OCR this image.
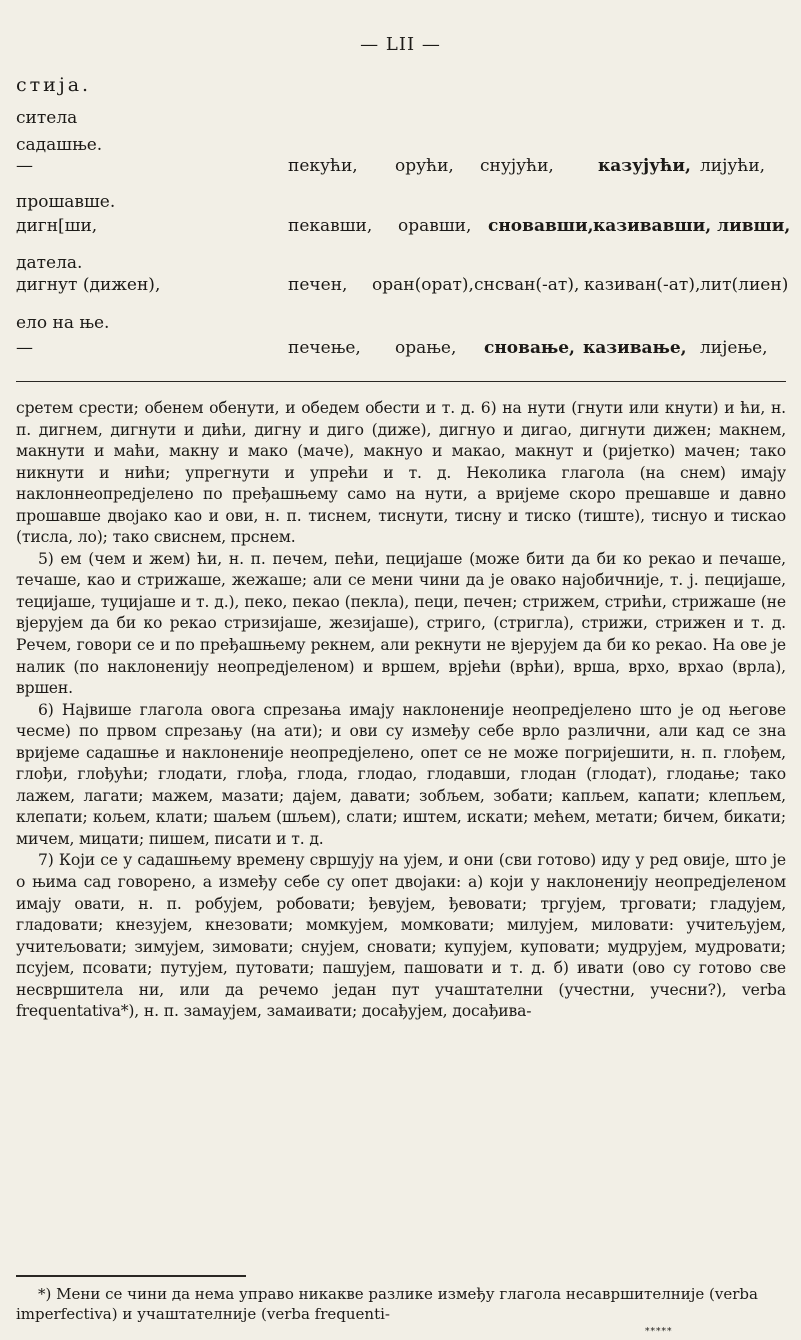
— LII —
стија.
ситела
садашње.
—	пекући, орући, снујући,	казујући, лијући,
прошавше.
дигн[ши,	пекавши, оравши, сновавши, казивавши, ливши,
датела.
дигнут (дижен),	печен, оран(орат), снсван(-ат), казиван(-ат), лит(лиен)
ело на ње.
—	печење, орање, сновање, казивање, лијење,

сретем срести; обенем обенути, и обедем обести и т. д. 6) на нути (гнути или кнути) и ћи, н. п. дигнем, дигнути и дићи, дигну и диго (диже), дигнуо и дигао, дигнути дижен; макнем, макнути и маћи, макну и мако (маче), макнуо и макао, макнут и (ријетко) мачен; тако никнути и нићи; упрегнути и упрећи и т. д. Неколика глагола (на снем) имају наклоннеопредјелено по пређашњему само на нути, а вријеме скоро прешавше и давно прошавше двојако као и ови, н. п. тиснем, тиснути, тисну и тиско (тиште), тиснуо и тискао (тисла, ло); тако свиснем, прснем.

5) ем (чем и жем) ћи, н. п. печем, пећи, пецијаше (може бити да би ко рекао и печаше, течаше, као и стрижаше, жежаше; али се мени чини да је овако најобичније, т. ј. пецијаше, тецијаше, туцијаше и т. д.), пеко, пекао (пекла), пеци, печен; стрижем, стрићи, стрижаше (не вјерујем да би ко рекао стризијаше, жезијаше), стриго, (стригла), стрижи, стрижен и т. д. Речем, говори се и по пређашњему рекнем, али рекнути не вјерујем да би ко рекао. На ове је налик (по наклоненију неопредјеленом) и вршем, врјећи (врћи), врша, врхо, врхао (врла), вршен.

6) Највише глагола овога спрезања имају наклоненије неопредјелено што је од његове чесме) по првом спрезању (на ати); и ови су између себе врло различни, али кад се зна вријеме садашње и наклоненије неопредјелено, опет се не може погријешити, н. п. глођем, глођи, глођући; глодати, глођа, глода, глодао, глодавши, глодан (глодат), глодање; тако лажем, лагати; мажем, мазати; дајем, давати; зобљем, зобати; капљем, капати; клепљем, клепати; кољем, клати; шаљем (шљем), слати; иштем, искати; мећем, метати; бичем, бикати; мичем, мицати; пишем, писати и т. д.

7) Који се у садашњему времену свршују на ујем, и они (сви готово) иду у ред овије, што је о њима сад говорено, а између себе су опет двојаки: а) који у наклоненију неопредјеленом имају овати, н. п. робујем, робовати; ђевујем, ђевовати; тргујем, трговати; гладујем, гладовати; кнезујем, кнезовати; момкујем, момковати; милујем, миловати: учитељујем, учитељовати; зимујем, зимовати; снујем, сновати; купујем, куповати; мудрујем, мудровати; псујем, псовати; путујем, путовати; пашујем, пашовати и т. д. б) ивати (ово су готово све несвршитела ни, или да речемо један пут учаштателни (учестни, учесни?), verba frequentativa*), н. п. замаујем, замаивати; досађујем, досађива-

*) Мени се чини да нема управо никакве разлике између глагола несавршителније (verba imperfectiva) и учаштателније (verba frequenti-
*****
